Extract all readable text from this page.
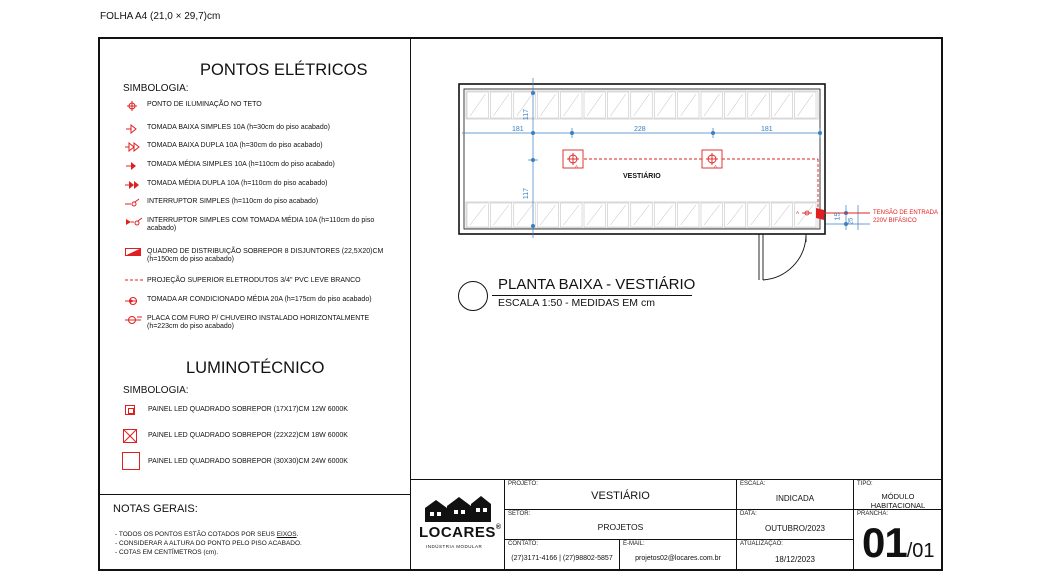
FOLHA A4 (21,0 × 29,7)cm
PONTOS ELÉTRICOS
SIMBOLOGIA:
PONTO DE ILUMINAÇÃO NO TETO
TOMADA BAIXA SIMPLES 10A (h=30cm do piso acabado)
TOMADA BAIXA DUPLA 10A (h=30cm do piso acabado)
TOMADA MÉDIA SIMPLES 10A (h=110cm do piso acabado)
TOMADA MÉDIA DUPLA 10A (h=110cm do piso acabado)
INTERRUPTOR SIMPLES (h=110cm do piso acabado)
INTERRUPTOR SIMPLES COM TOMADA MÉDIA 10A (h=110cm do piso acabado)
QUADRO DE DISTRIBUIÇÃO SOBREPOR 8 DISJUNTORES (22,5X20)CM (h=150cm do piso acabado)
PROJEÇÃO SUPERIOR ELETRODUTOS 3/4" PVC LEVE BRANCO
TOMADA AR CONDICIONADO MÉDIA 20A (h=175cm do piso acabado)
PLACA COM FURO P/ CHUVEIRO INSTALADO HORIZONTALMENTE (h=223cm do piso acabado)
LUMINOTÉCNICO
SIMBOLOGIA:
PAINEL LED QUADRADO SOBREPOR (17X17)CM 12W 6000K
PAINEL LED QUADRADO SOBREPOR (22X22)CM 18W 6000K
PAINEL LED QUADRADO SOBREPOR (30X30)CM 24W 6000K
NOTAS GERAIS:
- TODOS OS PONTOS ESTÃO COTADOS POR SEUS EIXOS.
- CONSIDERAR A ALTURA DO PONTO PELO PISO ACABADO.
- COTAS EM CENTÍMETROS (cm).
181
117
228	181
117
15
25
A	A
A
VESTIÁRIO
TENSÃO DE ENTRADA
220V BIFÁSICO
PLANTA BAIXA - VESTIÁRIO
ESCALA 1:50 - MEDIDAS EM cm
LOCARES®
INDÚSTRIA MODULAR
PROJETO:
VESTIÁRIO
SETOR:
PROJETOS
CONTATO:
(27)3171-4166 | (27)98802-5857
E-MAIL:
projetos02@locares.com.br
ESCALA:
INDICADA
DATA:
OUTUBRO/2023
ATUALIZAÇÃO:
18/12/2023
TIPO:
MÓDULO HABITACIONAL
PRANCHA:
01/01
